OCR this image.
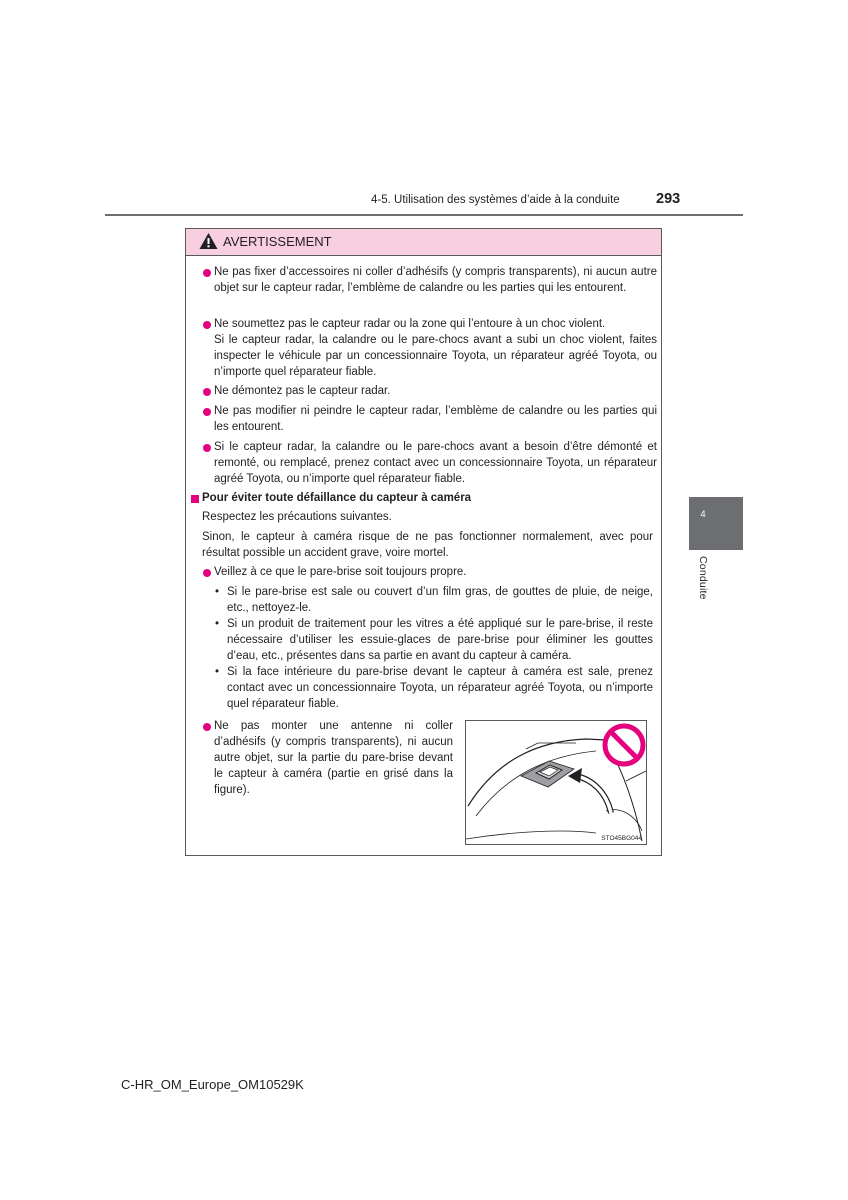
4-5. Utilisation des systèmes d’aide à la conduite	293
4
Conduite
AVERTISSEMENT

Ne pas fixer d’accessoires ni coller d’adhésifs (y compris transparents), ni aucun autre objet sur le capteur radar, l’emblème de calandre ou les parties qui les entourent.

Ne soumettez pas le capteur radar ou la zone qui l’entoure à un choc violent.

Si le capteur radar, la calandre ou le pare-chocs avant a subi un choc violent, faites inspecter le véhicule par un concessionnaire Toyota, un réparateur agréé Toyota, ou n’importe quel réparateur fiable.

Ne démontez pas le capteur radar.

Ne pas modifier ni peindre le capteur radar, l’emblème de calandre ou les parties qui les entourent.

Si le capteur radar, la calandre ou le pare-chocs avant a besoin d’être démonté et remonté, ou remplacé, prenez contact avec un concessionnaire Toyota, un réparateur agréé Toyota, ou n’importe quel réparateur fiable.

Pour éviter toute défaillance du capteur à caméra

Respectez les précautions suivantes.

Sinon, le capteur à caméra risque de ne pas fonctionner normalement, avec pour résultat possible un accident grave, voire mortel.

Veillez à ce que le pare-brise soit toujours propre.

• Si le pare-brise est sale ou couvert d’un film gras, de gouttes de pluie, de neige, etc., nettoyez-le.

• Si un produit de traitement pour les vitres a été appliqué sur le pare-brise, il reste nécessaire d’utiliser les essuie-glaces de pare-brise pour éliminer les gouttes d’eau, etc., présentes dans sa partie en avant du capteur à caméra.

• Si la face intérieure du pare-brise devant le capteur à caméra est sale, prenez contact avec un concessionnaire Toyota, un réparateur agréé Toyota, ou n’importe quel réparateur fiable.

Ne pas monter une antenne ni coller d’adhésifs (y compris transparents), ni aucun autre objet, sur la partie du pare-brise devant le capteur à caméra (partie en grisé dans la figure).

STO45BG044
C-HR_OM_Europe_OM10529K
